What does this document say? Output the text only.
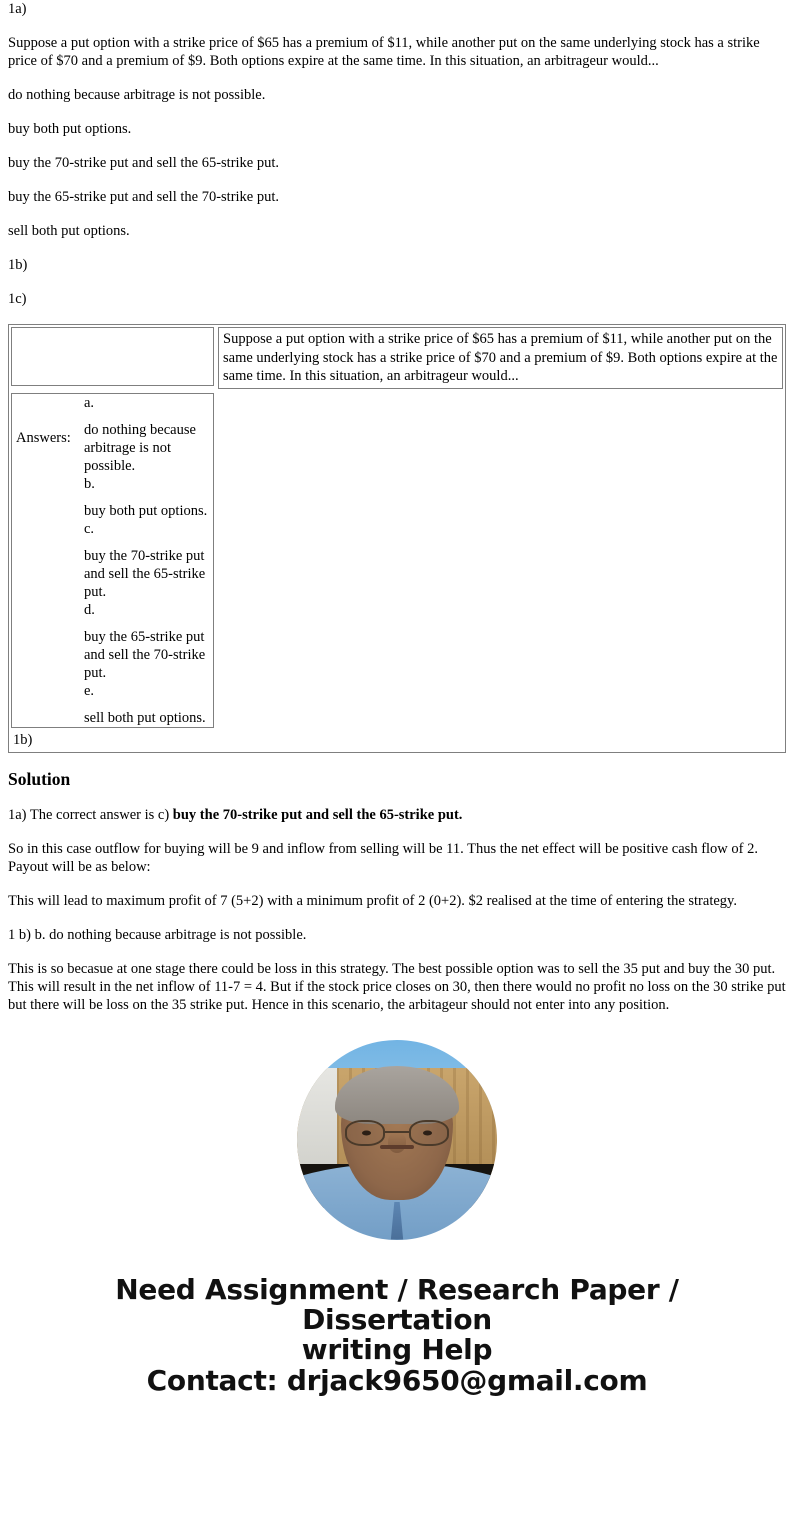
1a)

Suppose a put option with a strike price of $65 has a premium of $11, while another put on the same underlying stock has a strike price of $70 and a premium of $9. Both options expire at the same time. In this situation, an arbitrageur would...

do nothing because arbitrage is not possible.

buy both put options.

buy the 70-strike put and sell the 65-strike put.

buy the 65-strike put and sell the 70-strike put.

sell both put options.

1b)

1c)

Suppose a put option with a strike price of $65 has a premium of $11, while another put on the same underlying stock has a strike price of $70 and a premium of $9. Both options expire at the same time. In this situation, an arbitrageur would...

Answers:	
a.
do nothing because arbitrage is not possible.
b.
buy both put options.
c.
buy the 70-strike put and sell the 65-strike put.
d.
buy the 65-strike put and sell the 70-strike put.
e.
sell both put options.
1b)

Solution

1a) The correct answer is c) buy the 70-strike put and sell the 65-strike put.

So in this case outflow for buying will be 9 and inflow from selling will be 11. Thus the net effect will be positive cash flow of 2. Payout will be as below:

This will lead to maximum profit of 7 (5+2) with a minimum profit of 2 (0+2). $2 realised at the time of entering the strategy.

1 b) b. do nothing because arbitrage is not possible.

This is so becasue at one stage there could be loss in this strategy. The best possible option was to sell the 35 put and buy the 30 put. This will result in the net inflow of 11-7 = 4. But if the stock price closes on 30, then there would no profit no loss on the 30 strike put but there will be loss on the 35 strike put. Hence in this scenario, the arbitageur should not enter into any position.

Need Assignment / Research Paper / Dissertation
writing Help
Contact: drjack9650@gmail.com
